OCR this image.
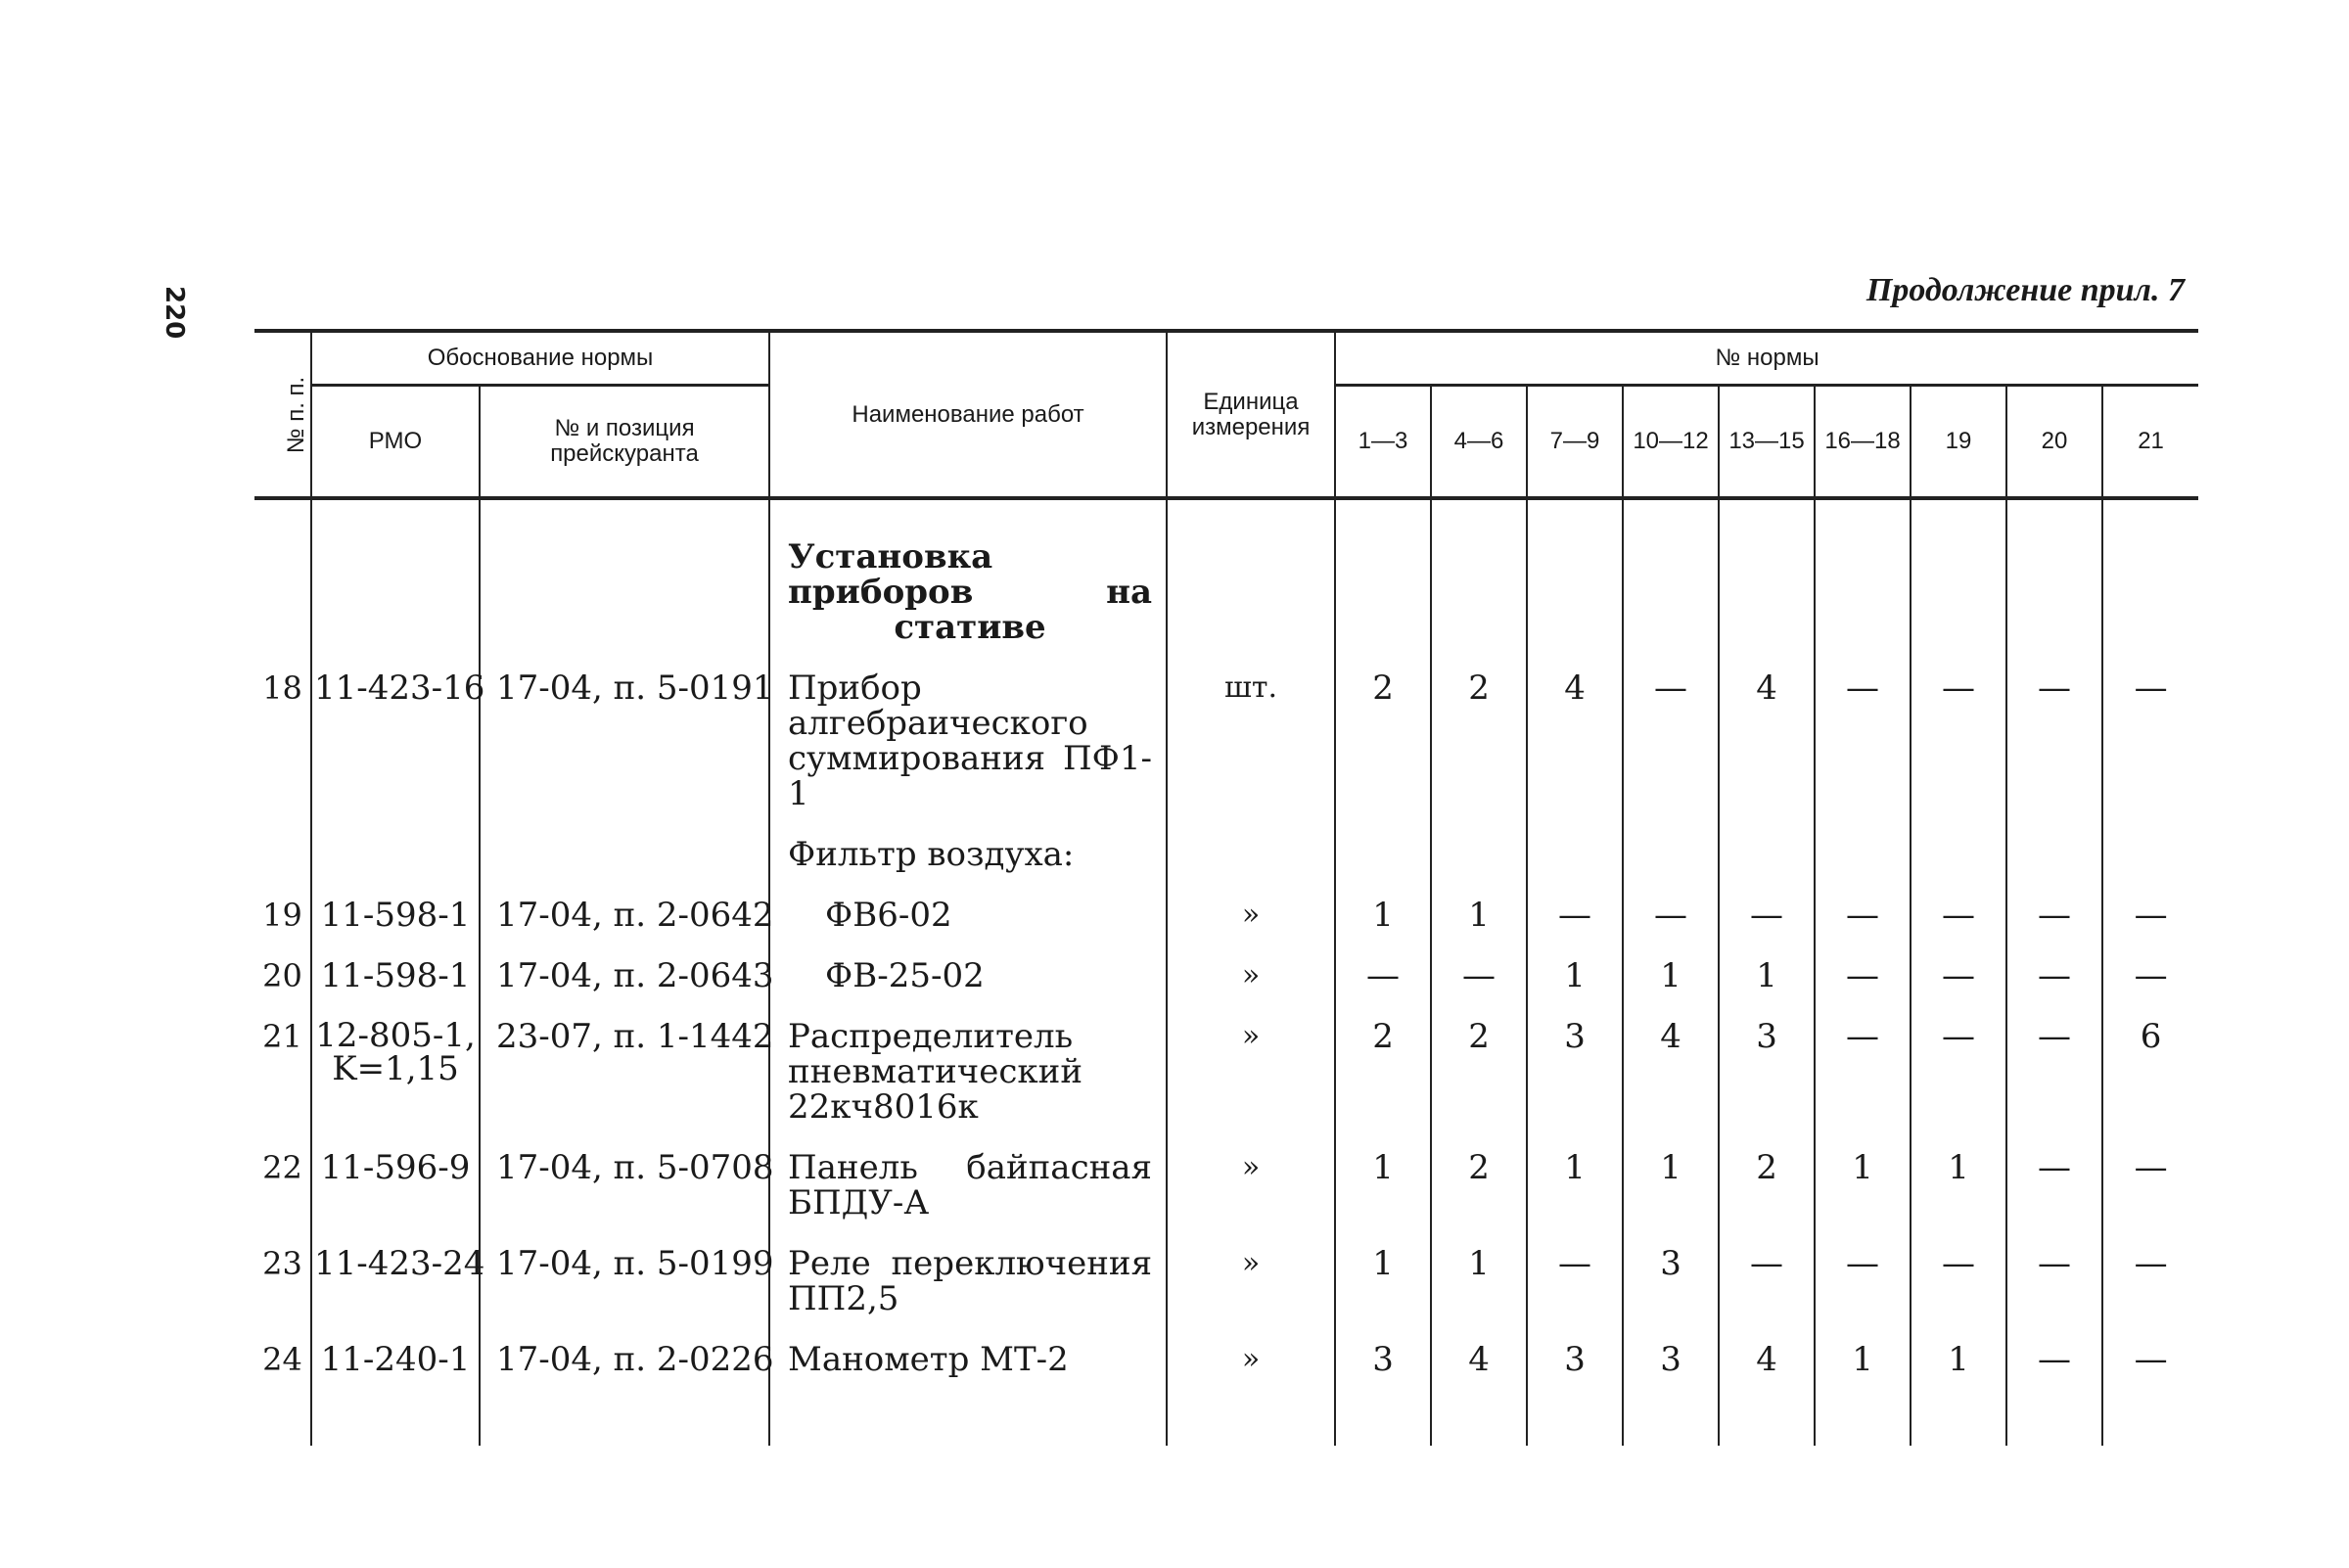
220	Продолжение прил. 7
№ п. п.	Обоснование нормы		Наименование работ	Единица измерения	№ нормы								
	РМО	№ и позиция прейскуранта			1—3	4—6	7—9	10—12	13—15	16—18	19	20	21

			Установка приборов на стативе										

18	11-423-16	17-04, п. 5-0191	Прибор алгебраического суммирования ПФ1-1	шт.	2	2	4	—	4	—	—	—	—

			Фильтр воздуха:										

19	11-598-1	17-04, п. 2-0642	ФВ6-02	»	1	1	—	—	—	—	—	—	—

20	11-598-1	17-04, п. 2-0643	ФВ-25-02	»	—	—	1	1	1	—	—	—	—

21	12-805-1, K=1,15	23-07, п. 1-1442	Распределитель пневматический 22кч8016к	»	2	2	3	4	3	—	—	—	6

22	11-596-9	17-04, п. 5-0708	Панель байпасная БПДУ-А	»	1	2	1	1	2	1	1	—	—

23	11-423-24	17-04, п. 5-0199	Реле переключения ПП2,5	»	1	1	—	3	—	—	—	—	—

24	11-240-1	17-04, п. 2-0226	Манометр МТ-2	»	3	4	3	3	4	1	1	—	—
